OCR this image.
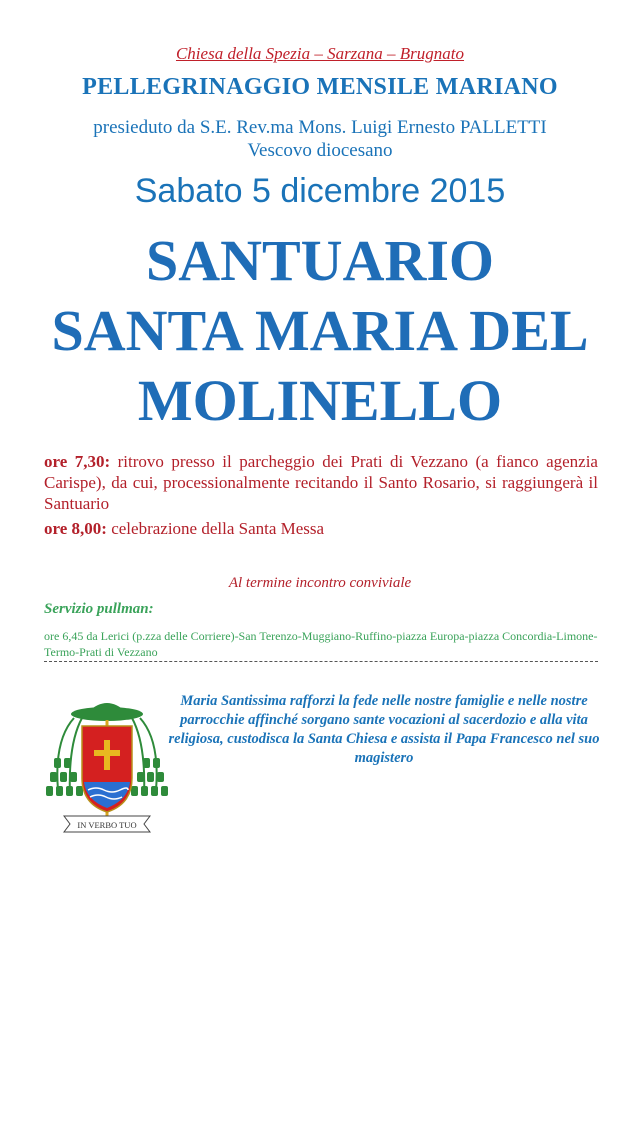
Chiesa della Spezia – Sarzana – Brugnato
PELLEGRINAGGIO MENSILE MARIANO
presieduto da S.E. Rev.ma Mons. Luigi Ernesto PALLETTI
Vescovo diocesano
Sabato 5 dicembre 2015
SANTUARIO
SANTA MARIA DEL
MOLINELLO

ore 7,30: ritrovo presso il parcheggio dei Prati di Vezzano (a fianco agenzia Carispe), da cui, processionalmente recitando il Santo Rosario, si raggiungerà il Santuario

ore 8,00: celebrazione della Santa Messa

Al termine incontro conviviale
Servizio pullman:
ore 6,45 da Lerici (p.zza delle Corriere)-San Terenzo-Muggiano-Ruffino-piazza Europa-piazza Concordia-Limone-Termo-Prati di Vezzano
IN VERBO TUO
Maria Santissima rafforzi la fede nelle nostre famiglie e nelle nostre parrocchie affinché sorgano sante vocazioni al sacerdozio e alla vita religiosa, custodisca la Santa Chiesa e assista il Papa Francesco nel suo magistero
